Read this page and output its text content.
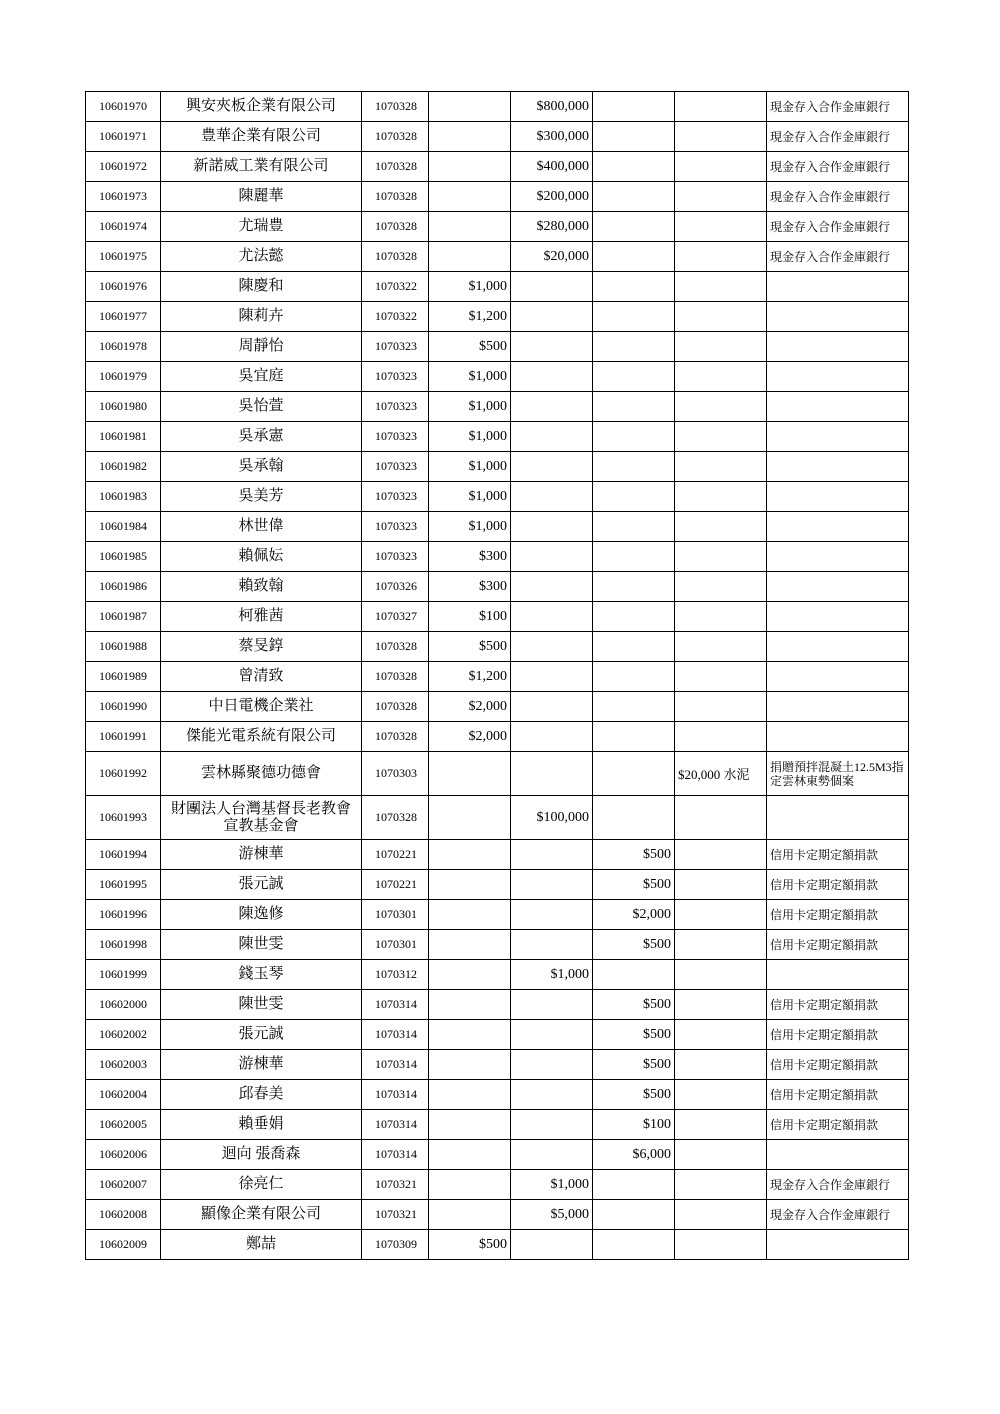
10601970	興安夾板企業有限公司	1070328		$800,000			現金存入合作金庫銀行
10601971	豊華企業有限公司	1070328		$300,000			現金存入合作金庫銀行
10601972	新諾威工業有限公司	1070328		$400,000			現金存入合作金庫銀行
10601973	陳麗華	1070328		$200,000			現金存入合作金庫銀行
10601974	尤瑞豊	1070328		$280,000			現金存入合作金庫銀行
10601975	尤法懿	1070328		$20,000			現金存入合作金庫銀行
10601976	陳慶和	1070322	$1,000				
10601977	陳莉卉	1070322	$1,200				
10601978	周靜怡	1070323	$500				
10601979	吳宜庭	1070323	$1,000				
10601980	吳怡萱	1070323	$1,000				
10601981	吳承憲	1070323	$1,000				
10601982	吳承翰	1070323	$1,000				
10601983	吳美芳	1070323	$1,000				
10601984	林世偉	1070323	$1,000				
10601985	賴佩妘	1070323	$300				
10601986	賴致翰	1070326	$300				
10601987	柯雅茜	1070327	$100				
10601988	蔡旻錞	1070328	$500				
10601989	曾清致	1070328	$1,200				
10601990	中日電機企業社	1070328	$2,000				
10601991	傑能光電系統有限公司	1070328	$2,000				
10601992	雲林縣聚德功德會	1070303				$20,000 水泥	捐贈預拌混凝土12.5M3指定雲林東勢個案
10601993	財團法人台灣基督長老教會宣教基金會	1070328		$100,000			
10601994	游棟華	1070221			$500		信用卡定期定額捐款
10601995	張元誠	1070221			$500		信用卡定期定額捐款
10601996	陳逸修	1070301			$2,000		信用卡定期定額捐款
10601998	陳世雯	1070301			$500		信用卡定期定額捐款
10601999	錢玉琴	1070312		$1,000			
10602000	陳世雯	1070314			$500		信用卡定期定額捐款
10602002	張元誠	1070314			$500		信用卡定期定額捐款
10602003	游棟華	1070314			$500		信用卡定期定額捐款
10602004	邱春美	1070314			$500		信用卡定期定額捐款
10602005	賴垂娟	1070314			$100		信用卡定期定額捐款
10602006	迴向 張喬森	1070314			$6,000		
10602007	徐亮仁	1070321		$1,000			現金存入合作金庫銀行
10602008	顯像企業有限公司	1070321		$5,000			現金存入合作金庫銀行
10602009	鄭喆	1070309	$500				
